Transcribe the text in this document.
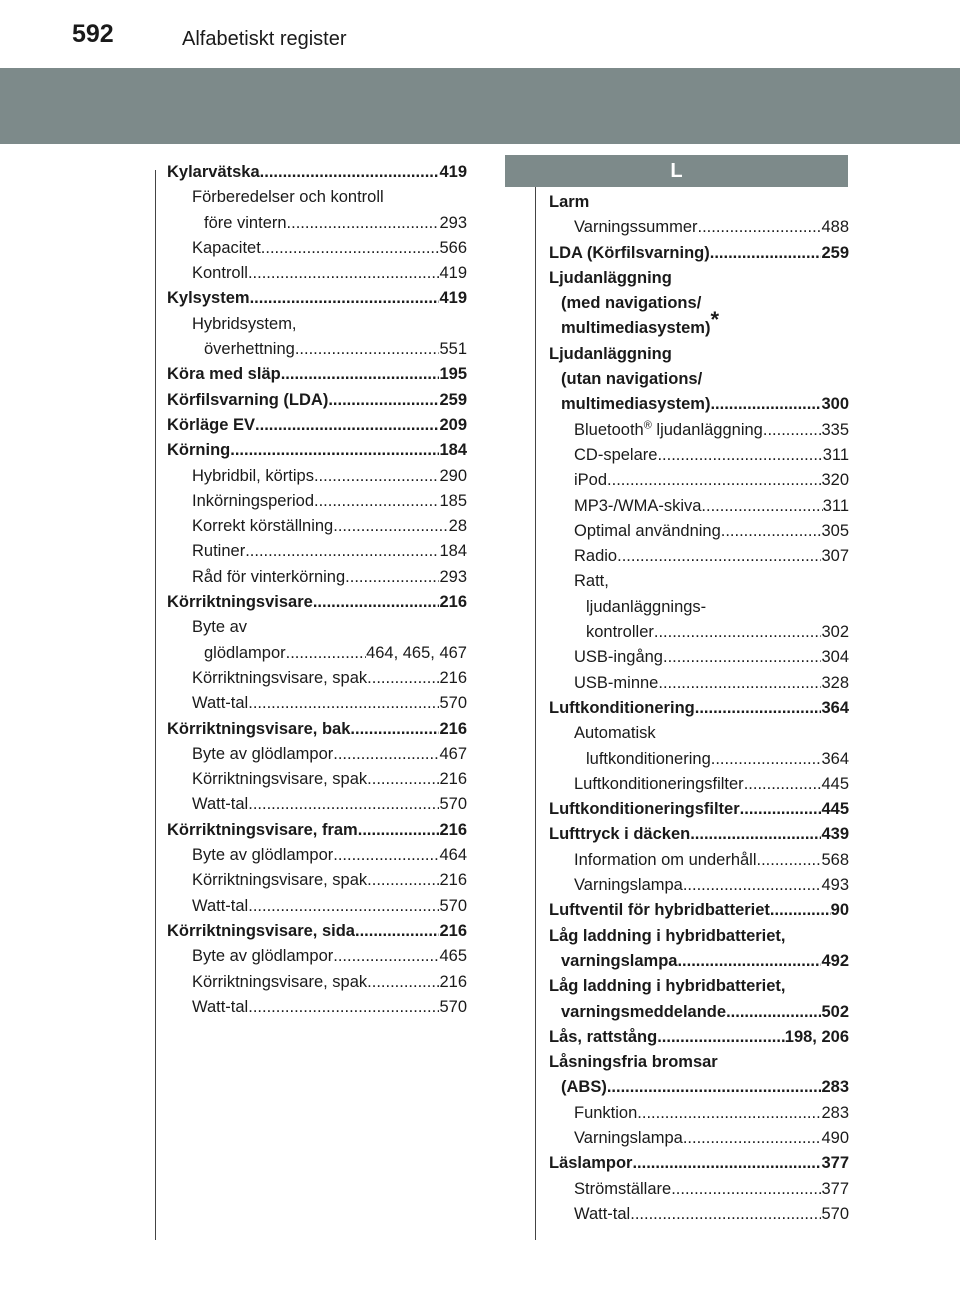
592	Alfabetiskt register
L
Kylarvätska .....	419
Förberedelser och kontroll
före vintern .....	293
Kapacitet .....	566
Kontroll .....	419
Kylsystem .....	419
Hybridsystem,
överhettning .....	551
Köra med släp .....	195
Körfilsvarning (LDA) .....	259
Körläge EV .....	209
Körning .....	184
Hybridbil, körtips .....	290
Inkörningsperiod .....	185
Korrekt körställning .....	28
Rutiner .....	184
Råd för vinterkörning .....	293
Körriktningsvisare .....	216
Byte av
glödlampor .....	464, 465, 467
Körriktningsvisare, spak .....	216
Watt-tal .....	570
Körriktningsvisare, bak .....	216
Byte av glödlampor .....	467
Körriktningsvisare, spak .....	216
Watt-tal .....	570
Körriktningsvisare, fram .....	216
Byte av glödlampor .....	464
Körriktningsvisare, spak .....	216
Watt-tal .....	570
Körriktningsvisare, sida .....	216
Byte av glödlampor .....	465
Körriktningsvisare, spak .....	216
Watt-tal .....	570
Larm
Varningssummer .....	488
LDA (Körfilsvarning) .....	259
Ljudanläggning
(med navigations/
multimediasystem)*
Ljudanläggning
(utan navigations/
multimediasystem) .....	300
Bluetooth® ljudanläggning .....	335
CD-spelare .....	311
iPod .....	320
MP3-/WMA-skiva .....	311
Optimal användning .....	305
Radio .....	307
Ratt,
ljudanläggnings-
kontroller .....	302
USB-ingång .....	304
USB-minne .....	328
Luftkonditionering .....	364
Automatisk
luftkonditionering .....	364
Luftkonditioneringsfilter .....	445
Luftkonditioneringsfilter .....	445
Lufttryck i däcken .....	439
Information om underhåll .....	568
Varningslampa .....	493
Luftventil för hybridbatteriet .....	90
Låg laddning i hybridbatteriet,
varningslampa .....	492
Låg laddning i hybridbatteriet,
varningsmeddelande .....	502
Lås, rattstång .....	198, 206
Låsningsfria bromsar
(ABS) .....	283
Funktion .....	283
Varningslampa .....	490
Läslampor .....	377
Strömställare .....	377
Watt-tal .....	570
